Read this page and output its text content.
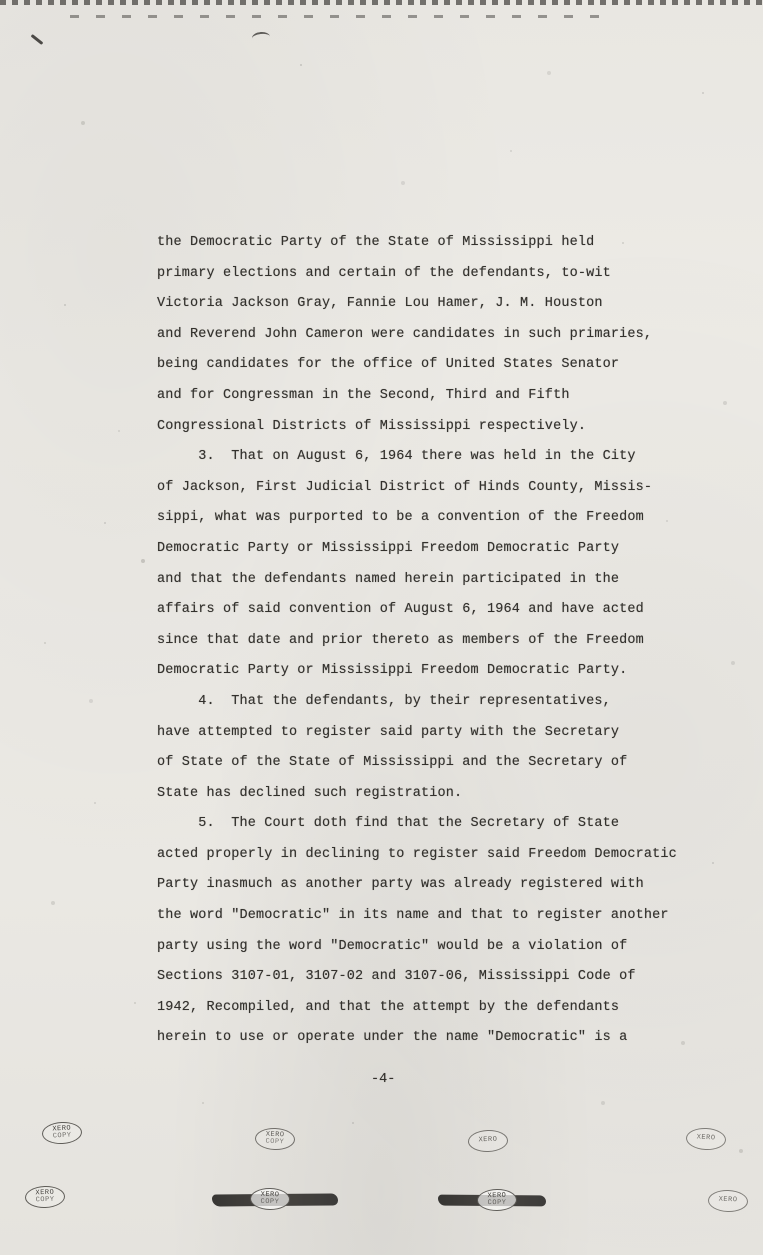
the Democratic Party of the State of Mississippi held
primary elections and certain of the defendants, to-wit
Victoria Jackson Gray, Fannie Lou Hamer, J. M. Houston
and Reverend John Cameron were candidates in such primaries,
being candidates for the office of United States Senator
and for Congressman in the Second, Third and Fifth
Congressional Districts of Mississippi respectively.
3.  That on August 6, 1964 there was held in the City
of Jackson, First Judicial District of Hinds County, Missis-
sippi, what was purported to be a convention of the Freedom
Democratic Party or Mississippi Freedom Democratic Party
and that the defendants named herein participated in the
affairs of said convention of August 6, 1964 and have acted
since that date and prior thereto as members of the Freedom
Democratic Party or Mississippi Freedom Democratic Party.
4.  That the defendants, by their representatives,
have attempted to register said party with the Secretary
of State of the State of Mississippi and the Secretary of
State has declined such registration.
5.  The Court doth find that the Secretary of State
acted properly in declining to register said Freedom Democratic
Party inasmuch as another party was already registered with
the word "Democratic" in its name and that to register another
party using the word "Democratic" would be a violation of
Sections 3107-01, 3107-02 and 3107-06, Mississippi Code of
1942, Recompiled, and that the attempt by the defendants
herein to use or operate under the name "Democratic" is a
-4-
XERO
COPY	XERO
COPY	XERO	XERO
XERO
COPY
XERO
COPY
XERO
COPY	XERO
